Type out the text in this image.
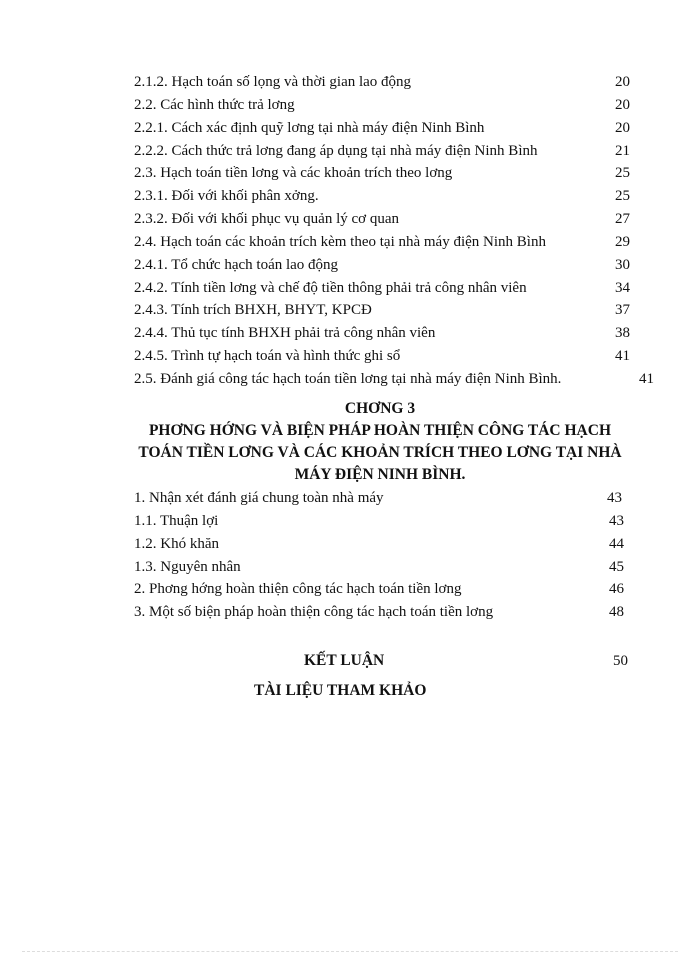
2.1.2. Hạch toán số lọng và thời gian lao động	20
2.2. Các hình thức trả lơng	20
2.2.1. Cách xác định quỹ lơng tại nhà máy điện Ninh Bình	20
2.2.2. Cách thức trả lơng đang áp dụng tại nhà máy điện Ninh Bình	21
2.3. Hạch toán tiền lơng và các khoản trích theo lơng	25
2.3.1. Đối với khối phân xởng.	25
2.3.2. Đối với khối phục vụ quản lý cơ quan	27
2.4. Hạch toán các khoản trích kèm theo tại nhà máy điện Ninh Bình	29
2.4.1. Tổ chức hạch toán lao động	30
2.4.2. Tính tiền lơng và chế độ tiền thông phải trả công nhân viên	34
2.4.3. Tính trích BHXH, BHYT, KPCĐ	37
2.4.4. Thủ tục tính BHXH phải trả công nhân viên	38
2.4.5. Trình tự hạch toán và hình thức ghi sổ	41
2.5. Đánh giá công tác hạch toán tiền lơng tại nhà máy điện Ninh Bình.	41
CHƠNG 3
PHƠNG HỚNG VÀ BIỆN PHÁP HOÀN THIỆN CÔNG TÁC HẠCH
TOÁN TIỀN LƠNG VÀ CÁC KHOẢN TRÍCH THEO LƠNG TẠI NHÀ
MÁY ĐIỆN NINH BÌNH.
1. Nhận xét đánh giá chung toàn nhà máy	43
1.1. Thuận lợi	43
1.2. Khó khăn	44
1.3. Nguyên nhân	45
2. Phơng hớng hoàn thiện công tác hạch toán tiền lơng	46
3. Một số biện pháp hoàn thiện công tác hạch toán tiền lơng	48
KẾT LUẬN	50
TÀI LIỆU THAM KHẢO
